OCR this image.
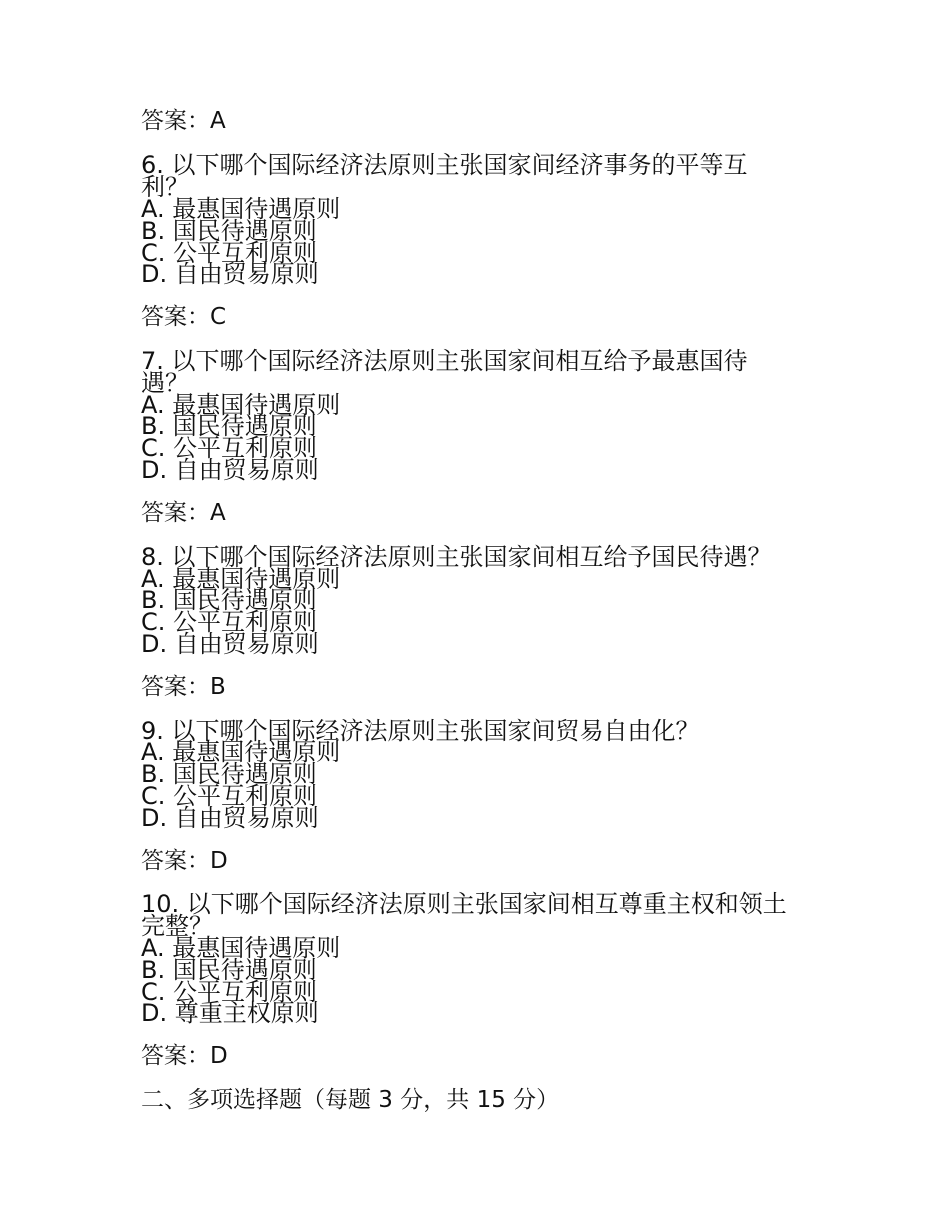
答案：A
6. 以下哪个国际经济法原则主张国家间经济事务的平等互
利？
A. 最惠国待遇原则
B. 国民待遇原则
C. 公平互利原则
D. 自由贸易原则
答案：C
7. 以下哪个国际经济法原则主张国家间相互给予最惠国待
遇？
A. 最惠国待遇原则
B. 国民待遇原则
C. 公平互利原则
D. 自由贸易原则
答案：A
8. 以下哪个国际经济法原则主张国家间相互给予国民待遇？
A. 最惠国待遇原则
B. 国民待遇原则
C. 公平互利原则
D. 自由贸易原则
答案：B
9. 以下哪个国际经济法原则主张国家间贸易自由化？
A. 最惠国待遇原则
B. 国民待遇原则
C. 公平互利原则
D. 自由贸易原则
答案：D
10. 以下哪个国际经济法原则主张国家间相互尊重主权和领土
完整？
A. 最惠国待遇原则
B. 国民待遇原则
C. 公平互利原则
D. 尊重主权原则
答案：D
二、多项选择题（每题 3 分，共 15 分）
